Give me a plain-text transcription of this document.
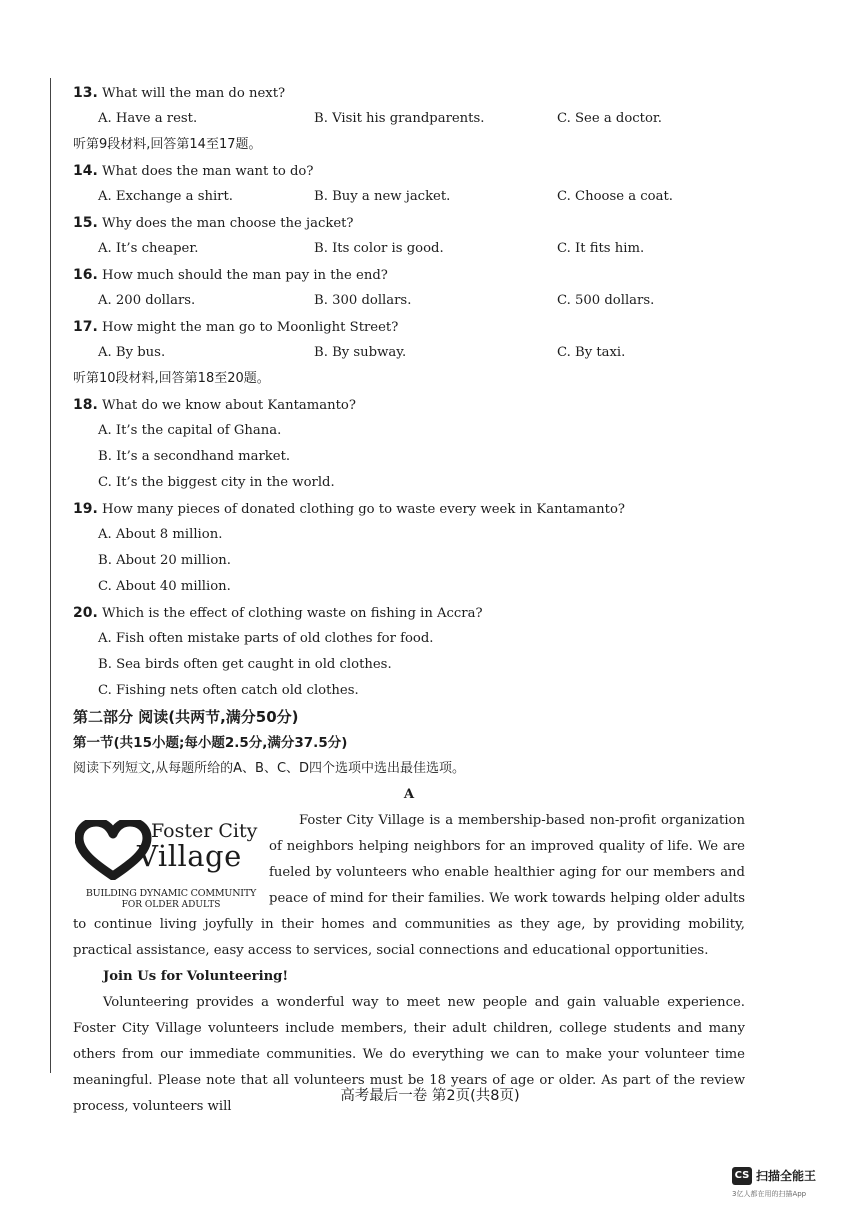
13. What will the man do next?
A. Have a rest.	B. Visit his grandparents.	C. See a doctor.
听第9段材料,回答第14至17题。
14. What does the man want to do?
A. Exchange a shirt.	B. Buy a new jacket.	C. Choose a coat.
15. Why does the man choose the jacket?
A. It’s cheaper.	B. Its color is good.	C. It fits him.
16. How much should the man pay in the end?
A. 200 dollars.	B. 300 dollars.	C. 500 dollars.
17. How might the man go to Moonlight Street?
A. By bus.	B. By subway.	C. By taxi.
听第10段材料,回答第18至20题。
18. What do we know about Kantamanto?
A. It’s the capital of Ghana.
B. It’s a secondhand market.
C. It’s the biggest city in the world.
19. How many pieces of donated clothing go to waste every week in Kantamanto?
A. About 8 million.
B. About 20 million.
C. About 40 million.
20. Which is the effect of clothing waste on fishing in Accra?
A. Fish often mistake parts of old clothes for food.
B. Sea birds often get caught in old clothes.
C. Fishing nets often catch old clothes.
第二部分 阅读(共两节,满分50分)
第一节(共15小题;每小题2.5分,满分37.5分)
阅读下列短文,从每题所给的A、B、C、D四个选项中选出最佳选项。
A
Foster City
Village
BUILDING DYNAMIC COMMUNITY
FOR OLDER ADULTS

Foster City Village is a membership-based non-profit organization of neighbors helping neighbors for an improved quality of life. We are fueled by volunteers who enable healthier aging for our members and peace of mind for their families. We work towards helping older adults to continue living joyfully in their homes and communities as they age, by providing mobility, practical assistance, easy access to services, social connections and educational opportunities.

Join Us for Volunteering!

Volunteering provides a wonderful way to meet new people and gain valuable experience. Foster City Village volunteers include members, their adult children, college students and many others from our immediate communities. We do everything we can to make your volunteer time meaningful. Please note that all volunteers must be 18 years of age or older. As part of the review process, volunteers will

高考最后一卷 第2页(共8页)
CS 扫描全能王
3亿人都在用的扫描App
